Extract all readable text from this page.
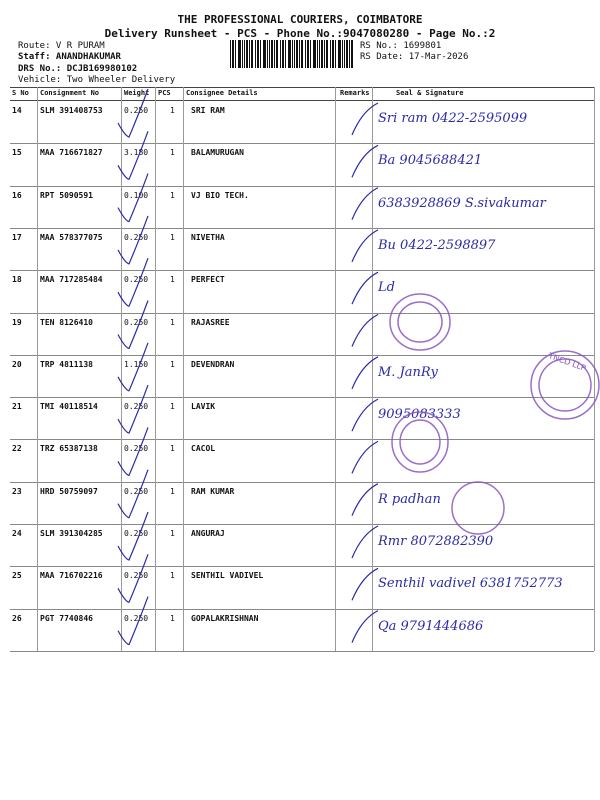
THE PROFESSIONAL COURIERS, COIMBATORE
Delivery Runsheet - PCS - Phone No.:9047080280 - Page No.:2
Route: V R PURAM
Staff: ANANDHAKUMAR
DRS No.: DCJB169980102
Vehicle: Two Wheeler Delivery
RS No.: 1699801
RS Date: 17-Mar-2026
S No Consignment No	Weight PCS Consignee Details	Remarks	Seal & Signature
14 SLM 391408753	0.250	1 SRI RAM
Sri ram 0422-2595099
15 MAA 716671827	3.180	1 BALAMURUGAN
Ba 9045688421
16 RPT 5090591	0.100	1 VJ BIO TECH.
6383928869 S.sivakumar
17 MAA 578377075	0.250	1 NIVETHA
Bu 0422-2598897
18 MAA 717285484	0.250	1 PERFECT
Ld
19 TEN 8126410	0.250	1 RAJASREE
20 TRP 4811138	1.150	1 DEVENDRAN
M. JanRy
21 TMI 40118514	0.250	1 LAVIK
9095083333
22 TRZ 65387138	0.250	1 CACOL
23 HRD 50759097	0.250	1 RAM KUMAR
R padhan
24 SLM 391304285	0.250	1 ANGURAJ
Rmr 8072882390
25 MAA 716702216	0.250	1 SENTHIL VADIVEL
Senthil vadivel 6381752773
26 PGT 7740846	0.250	1 GOPALAKRISHNAN
Qa 9791444686
TNCD LLP
